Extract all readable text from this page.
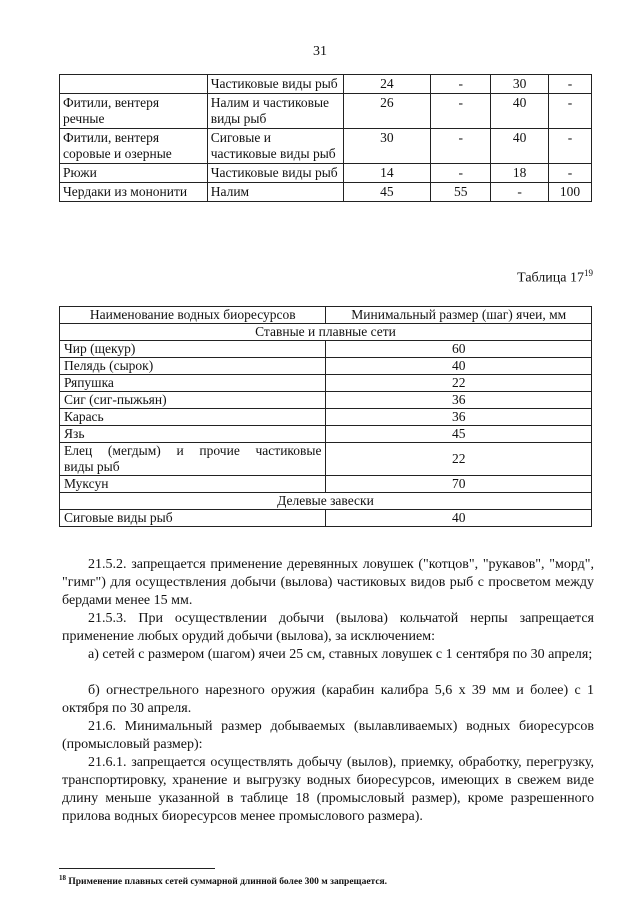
31
	Частиковые виды рыб	24	-	30	-
Фитили, вентеря речные	Налим и частиковые виды рыб	26	-	40	-
Фитили, вентеря соровые и озерные	Сиговые и частиковые виды рыб	30	-	40	-
Рюжи	Частиковые виды рыб	14	-	18	-
Чердаки из мононити	Налим	45	55	-	100
Таблица $17^{19}$
Наименование водных биоресурсов	Минимальный размер (шаг) ячеи, мм
Ставные и плавные сети	
Чир (щекур)	60
Пелядь (сырок)	40
Ряпушка	22
Сиг (сиг-пыжьян)	36
Карась	36
Язь	45

Елец (мегдым) и прочие частиковые
виды рыб	22
Муксун	70
Делевые завески	
Сиговые виды рыб	40
21.5.2. запрещается применение деревянных ловушек ("котцов", "рукавов", "морд", "гимг") для осуществления добычи (вылова) частиковых видов рыб с просветом между бердами менее 15 мм.
21.5.3. При осуществлении добычи (вылова) кольчатой нерпы запрещается применение любых орудий добычи (вылова), за исключением:
а) сетей с размером (шагом) ячеи 25 см, ставных ловушек с 1 сентября по 30 апреля;
б) огнестрельного нарезного оружия (карабин калибра 5,6 х 39 мм и более) с 1 октября по 30 апреля.
21.6. Минимальный размер добываемых (вылавливаемых) водных биоресурсов (промысловый размер):
21.6.1. запрещается осуществлять добычу (вылов), приемку, обработку, перегрузку, транспортировку, хранение и выгрузку водных биоресурсов, имеющих в свежем виде длину меньше указанной в таблице 18 (промысловый размер), кроме разрешенного прилова водных биоресурсов менее промыслового размера).
$^{18}$ Применение плавных сетей суммарной длинной более 300 м запрещается.
